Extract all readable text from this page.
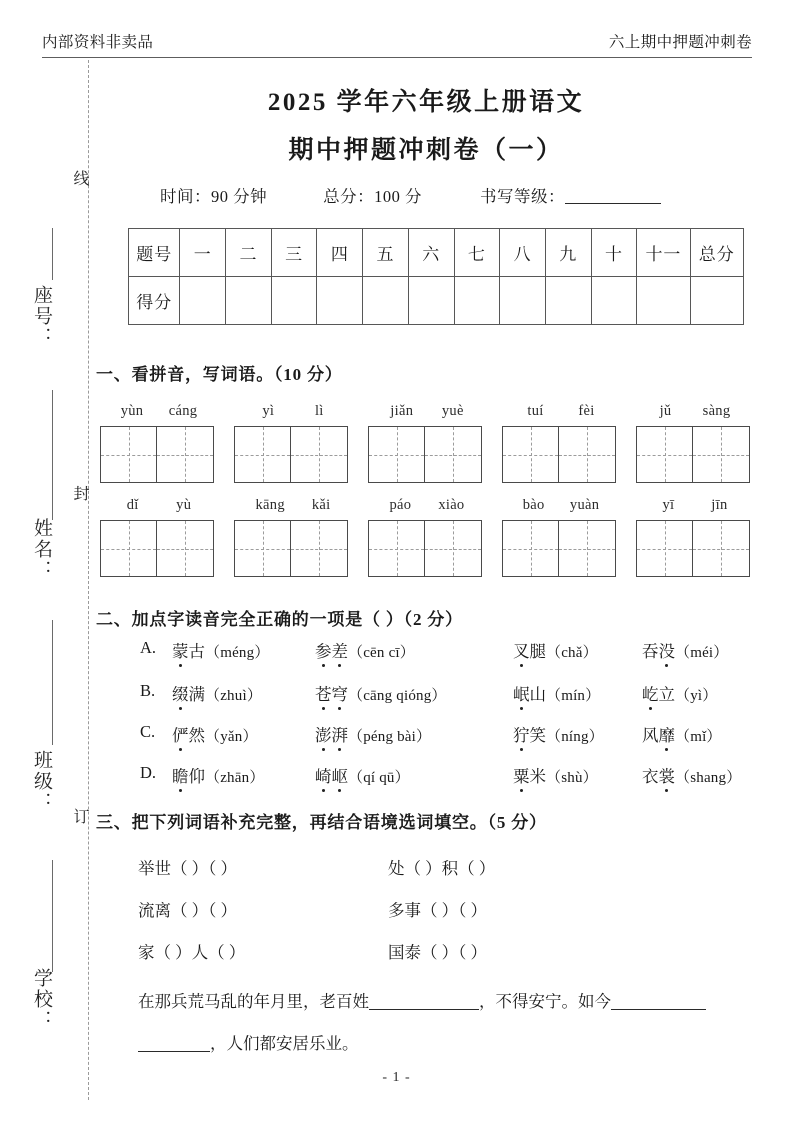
内部资料非卖品	六上期中押题冲刺卷
线
座号：
封
姓名：
班级：
订
学校：
2025 学年六年级上册语文
期中押题冲刺卷（一）
时间：90 分钟	总分：100 分	书写等级：
题号	一	二	三	四	五	六	七	八	九	十	十一	总分
得分												
一、看拼音，写词语。（10 分）
yùn cáng	yì	lì	jiǎn yuè	tuí fèi	jǔ sàng
dǐ	yù	kāng kǎi	páo xiào	bào yuàn	yī	jīn
二、加点字读音完全正确的一项是（ ）（2 分）
A. 蒙古（méng）	参差（cēn cī）	叉腿（chǎ）	吞没（méi）
B. 缀满（zhuì）	苍穹（cāng qióng）	岷山（mín）	屹立（yì）
C. 俨然（yǎn）	澎湃（péng bài）	狞笑（níng） 风靡（mǐ）
D. 瞻仰（zhān）	崎岖（qí qū）	粟米（shù）	衣裳（shang）
三、把下列词语补充完整，再结合语境选词填空。（5 分）
举世（ ）（ ）	处（ ）积（ ）
流离（ ）（ ）	多事（ ）（ ）
家（ ）人（ ）	国泰（ ）（ ）
在那兵荒马乱的年月里，老百姓	，不得安宁。如今
，人们都安居乐业。
- 1 -
